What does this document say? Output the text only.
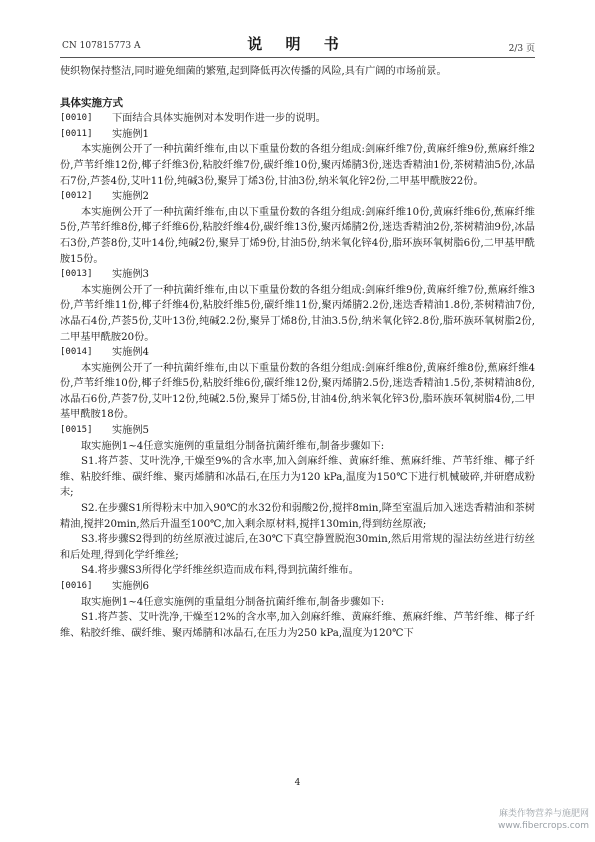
CN 107815773 A	说 明 书	2/3 页

使织物保持整洁,同时避免细菌的繁殖,起到降低再次传播的风险,具有广阔的市场前景。

具体实施方式

[0010]	下面结合具体实施例对本发明作进一步的说明。
[0011]	实施例1

本实施例公开了一种抗菌纤维布,由以下重量份数的各组分组成:剑麻纤维7份,黄麻纤维9份,蕉麻纤维2份,芦苇纤维12份,椰子纤维3份,粘胶纤维7份,碳纤维10份,聚丙烯腈3份,迷迭香精油1份,茶树精油5份,冰晶石7份,芦荟4份,艾叶11份,纯碱3份,聚异丁烯3份,甘油3份,纳米氧化锌2份,二甲基甲酰胺22份。

[0012]	实施例2

本实施例公开了一种抗菌纤维布,由以下重量份数的各组分组成:剑麻纤维10份,黄麻纤维6份,蕉麻纤维5份,芦苇纤维8份,椰子纤维6份,粘胶纤维4份,碳纤维13份,聚丙烯腈2份,迷迭香精油2份,茶树精油9份,冰晶石3份,芦荟8份,艾叶14份,纯碱2份,聚异丁烯9份,甘油5份,纳米氧化锌4份,脂环族环氧树脂6份,二甲基甲酰胺15份。

[0013]	实施例3

本实施例公开了一种抗菌纤维布,由以下重量份数的各组分组成:剑麻纤维9份,黄麻纤维7份,蕉麻纤维3份,芦苇纤维11份,椰子纤维4份,粘胶纤维5份,碳纤维11份,聚丙烯腈2.2份,迷迭香精油1.8份,茶树精油7份,冰晶石4份,芦荟5份,艾叶13份,纯碱2.2份,聚异丁烯8份,甘油3.5份,纳米氧化锌2.8份,脂环族环氧树脂2份,二甲基甲酰胺20份。

[0014]	实施例4

本实施例公开了一种抗菌纤维布,由以下重量份数的各组分组成:剑麻纤维8份,黄麻纤维8份,蕉麻纤维4份,芦苇纤维10份,椰子纤维5份,粘胶纤维6份,碳纤维12份,聚丙烯腈2.5份,迷迭香精油1.5份,茶树精油8份,冰晶石6份,芦荟7份,艾叶12份,纯碱2.5份,聚异丁烯5份,甘油4份,纳米氧化锌3份,脂环族环氧树脂4份,二甲基甲酰胺18份。

[0015]	实施例5

取实施例1~4任意实施例的重量组分制备抗菌纤维布,制备步骤如下:

S1.将芦荟、艾叶洗净,干燥至9%的含水率,加入剑麻纤维、黄麻纤维、蕉麻纤维、芦苇纤维、椰子纤维、粘胶纤维、碳纤维、聚丙烯腈和冰晶石,在压力为120 kPa,温度为150℃下进行机械破碎,并研磨成粉末;

S2.在步骤S1所得粉末中加入90℃的水32份和弱酸2份,搅拌8min,降至室温后加入迷迭香精油和茶树精油,搅拌20min,然后升温至100℃,加入剩余原材料,搅拌130min,得到纺丝原液;

S3.将步骤S2得到的纺丝原液过滤后,在30℃下真空静置脱泡30min,然后用常规的湿法纺丝进行纺丝和后处理,得到化学纤维丝;

S4.将步骤S3所得化学纤维丝织造而成布料,得到抗菌纤维布。

[0016]	实施例6

取实施例1~4任意实施例的重量组分制备抗菌纤维布,制备步骤如下:

S1.将芦荟、艾叶洗净,干燥至12%的含水率,加入剑麻纤维、黄麻纤维、蕉麻纤维、芦苇纤维、椰子纤维、粘胶纤维、碳纤维、聚丙烯腈和冰晶石,在压力为250 kPa,温度为120℃下

4
麻类作物营养与施肥网
www.fibercrops.com
